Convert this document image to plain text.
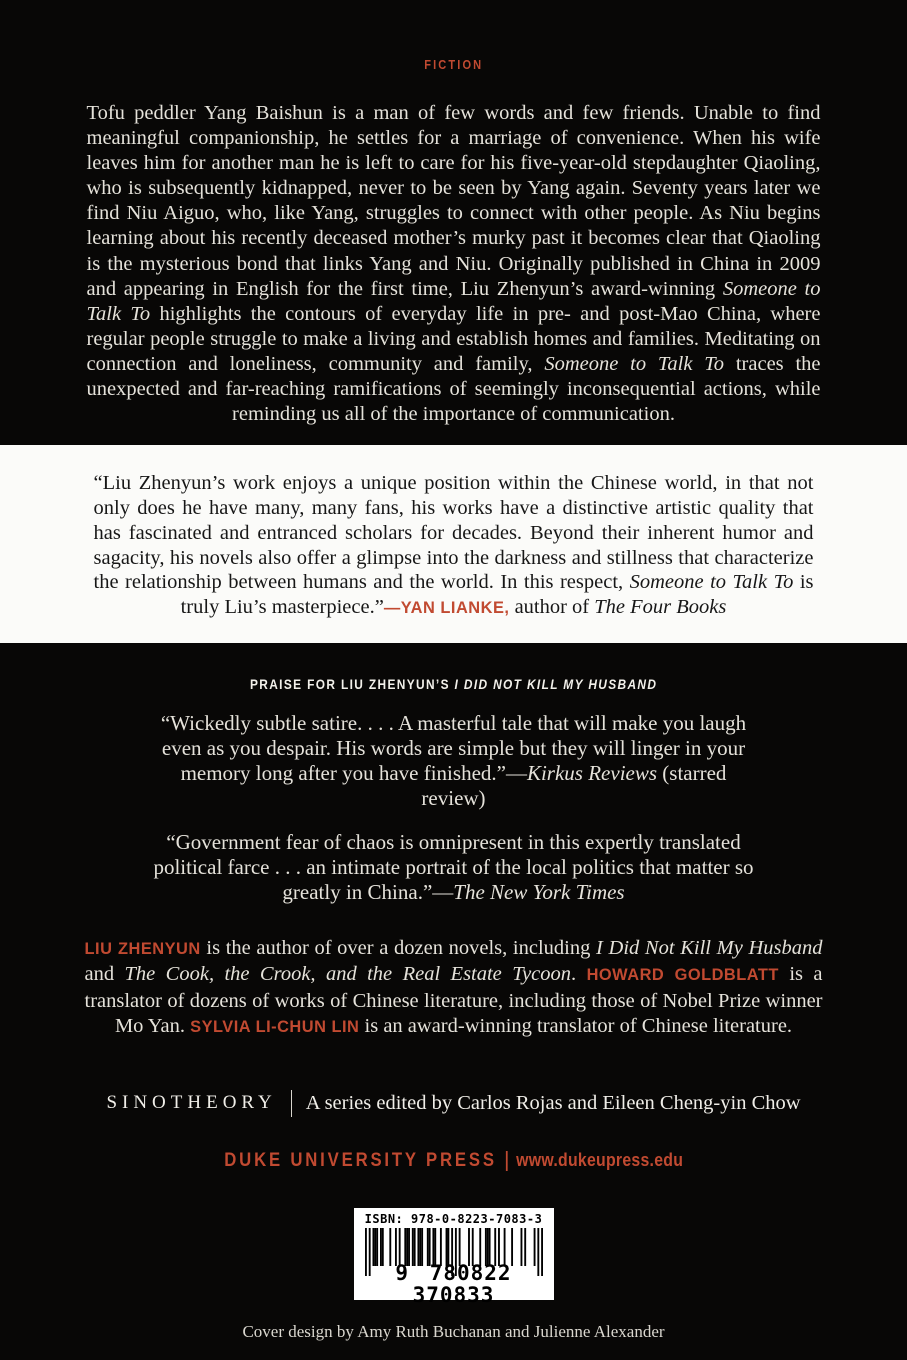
FICTION

Tofu peddler Yang Baishun is a man of few words and few friends. Unable to find meaningful companionship, he settles for a marriage of convenience. When his wife leaves him for another man he is left to care for his five-year-old stepdaughter Qiaoling, who is subsequently kidnapped, never to be seen by Yang again. Seventy years later we find Niu Aiguo, who, like Yang, struggles to connect with other people. As Niu begins learning about his recently deceased mother’s murky past it becomes clear that Qiaoling is the mysterious bond that links Yang and Niu. Originally published in China in 2009 and appearing in English for the first time, Liu Zhenyun’s award-winning Someone to Talk To highlights the contours of everyday life in pre- and post-Mao China, where regular people struggle to make a living and establish homes and families. Meditating on connection and loneliness, community and family, Someone to Talk To traces the unexpected and far-reaching ramifications of seemingly inconsequential actions, while reminding us all of the importance of communication.

“Liu Zhenyun’s work enjoys a unique position within the Chinese world, in that not only does he have many, many fans, his works have a distinctive artistic quality that has fascinated and entranced scholars for decades. Beyond their inherent humor and sagacity, his novels also offer a glimpse into the darkness and stillness that characterize the relationship between humans and the world. In this respect, Someone to Talk To is truly Liu’s masterpiece.”—YAN LIANKE, author of The Four Books

PRAISE FOR LIU ZHENYUN’S I DID NOT KILL MY HUSBAND

“Wickedly subtle satire. . . . A masterful tale that will make you laugh even as you despair. His words are simple but they will linger in your memory long after you have finished.”—Kirkus Reviews (starred review)

“Government fear of chaos is omnipresent in this expertly translated political farce . . . an intimate portrait of the local politics that matter so greatly in China.”—The New York Times

LIU ZHENYUN is the author of over a dozen novels, including I Did Not Kill My Husband and The Cook, the Crook, and the Real Estate Tycoon. HOWARD GOLDBLATT is a translator of dozens of works of Chinese literature, including those of Nobel Prize winner Mo Yan. SYLVIA LI-CHUN LIN is an award-winning translator of Chinese literature.

SINOTHEORY A series edited by Carlos Rojas and Eileen Cheng-yin Chow
DUKE UNIVERSITY PRESS www.dukeupress.edu
ISBN: 978-0-8223-7083-3
9 780822 370833

Cover design by Amy Ruth Buchanan and Julienne Alexander
